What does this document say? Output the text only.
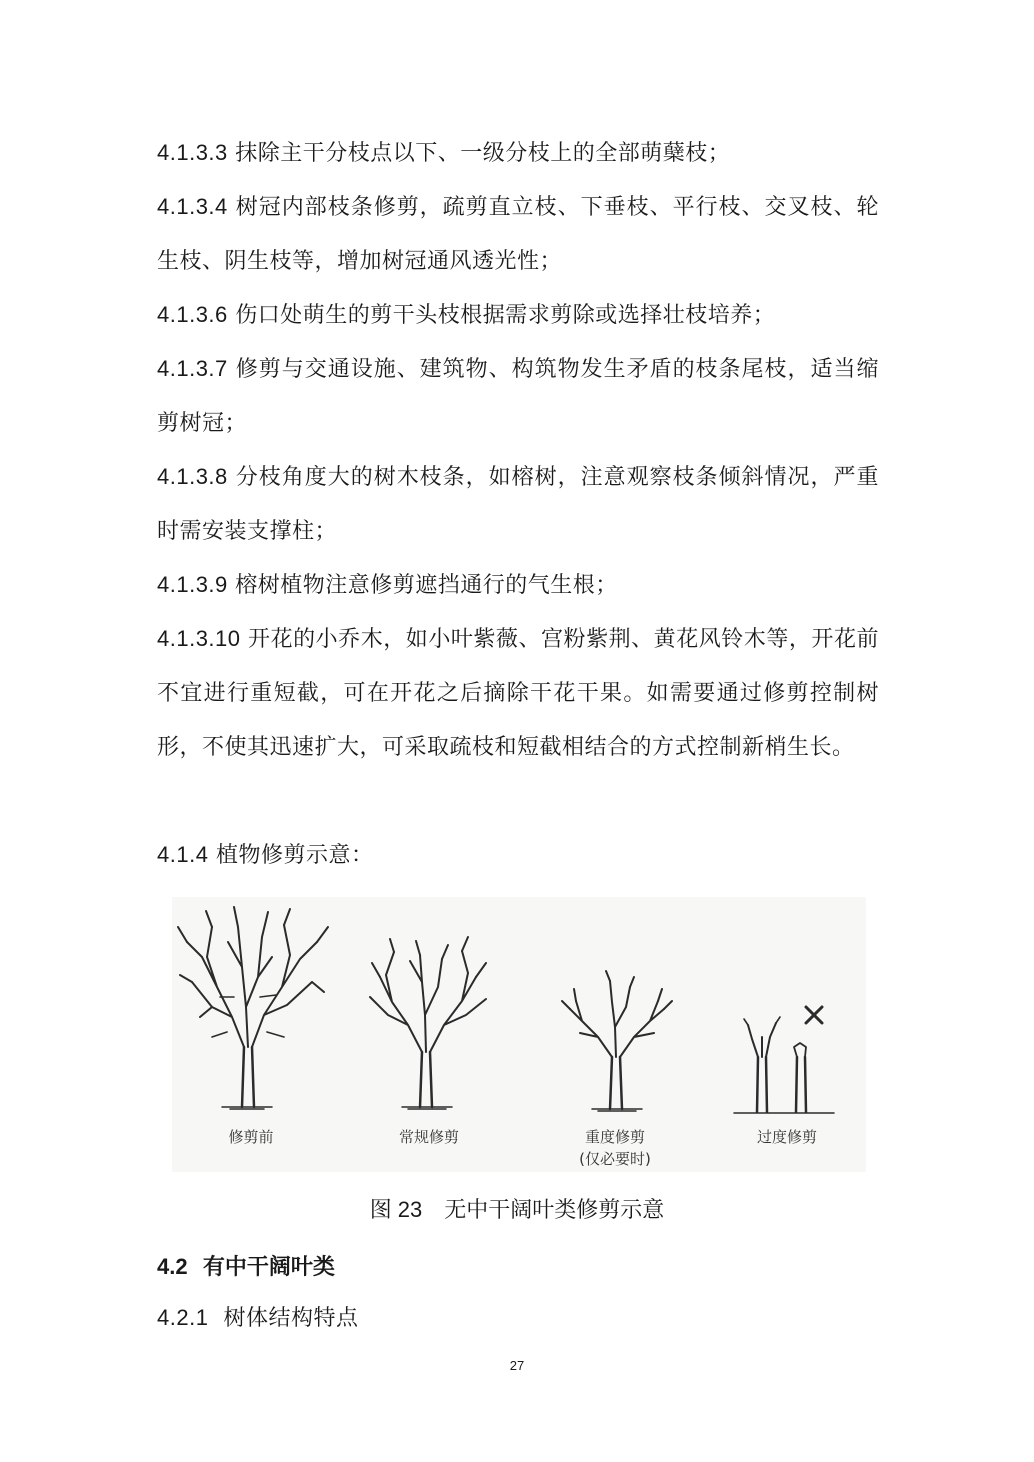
4.1.3.3 抹除主干分枝点以下、一级分枝上的全部萌蘖枝；
4.1.3.4 树冠内部枝条修剪，疏剪直立枝、下垂枝、平行枝、交叉枝、轮生枝、阴生枝等，增加树冠通风透光性；
4.1.3.6 伤口处萌生的剪干头枝根据需求剪除或选择壮枝培养；
4.1.3.7 修剪与交通设施、建筑物、构筑物发生矛盾的枝条尾枝，适当缩剪树冠；
4.1.3.8 分枝角度大的树木枝条，如榕树，注意观察枝条倾斜情况，严重时需安装支撑柱；
4.1.3.9 榕树植物注意修剪遮挡通行的气生根；
4.1.3.10 开花的小乔木，如小叶紫薇、宫粉紫荆、黄花风铃木等，开花前不宜进行重短截，可在开花之后摘除干花干果。如需要通过修剪控制树形，不使其迅速扩大，可采取疏枝和短截相结合的方式控制新梢生长。
4.1.4 植物修剪示意：
修剪前	常规修剪	重度修剪
(仅必要时)
过度修剪
图 23 无中干阔叶类修剪示意
4.2 有中干阔叶类
4.2.1 树体结构特点
27
